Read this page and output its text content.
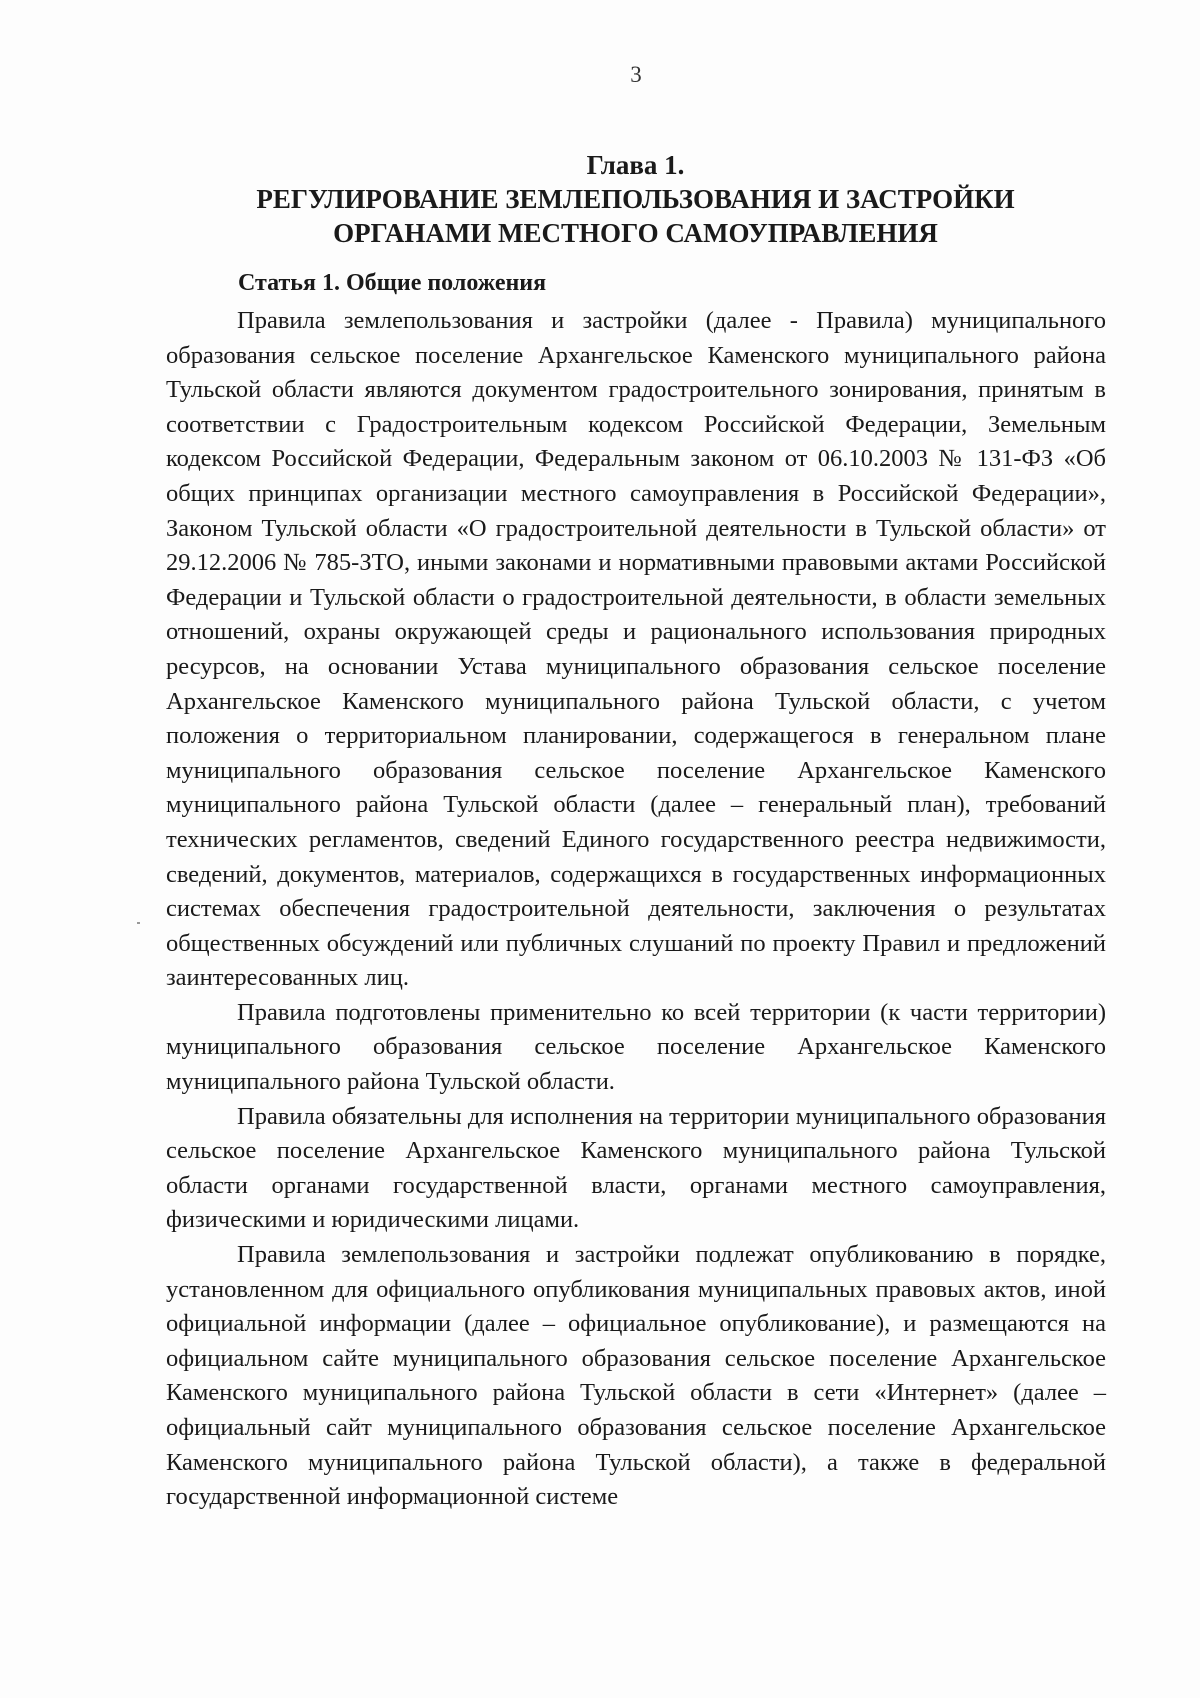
3
Глава 1.
РЕГУЛИРОВАНИЕ ЗЕМЛЕПОЛЬЗОВАНИЯ И ЗАСТРОЙКИ
ОРГАНАМИ МЕСТНОГО САМОУПРАВЛЕНИЯ
Статья 1. Общие положения

Правила землепользования и застройки (далее - Правила) муниципального образования сельское поселение Архангельское Каменского муниципального района Тульской области являются документом градостроительного зонирования, принятым в соответствии с Градостроительным кодексом Российской Федерации, Земельным кодексом Российской Федерации, Федеральным законом от 06.10.2003 № 131-ФЗ «Об общих принципах организации местного самоуправления в Российской Федерации», Законом Тульской области «О градостроительной деятельности в Тульской области» от 29.12.2006 № 785-ЗТО, иными законами и нормативными правовыми актами Российской Федерации и Тульской области о градостроительной деятельности, в области земельных отношений, охраны окружающей среды и рационального использования природных ресурсов, на основании Устава муниципального образования сельское поселение Архангельское Каменского муниципального района Тульской области, с учетом положения о территориальном планировании, содержащегося в генеральном плане муниципального образования сельское поселение Архангельское Каменского муниципального района Тульской области (далее – генеральный план), требований технических регламентов, сведений Единого государственного реестра недвижимости, сведений, документов, материалов, содержащихся в государственных информационных системах обеспечения градостроительной деятельности, заключения о результатах общественных обсуждений или публичных слушаний по проекту Правил и предложений заинтересованных лиц.

Правила подготовлены применительно ко всей территории (к части территории) муниципального образования сельское поселение Архангельское Каменского муниципального района Тульской области.

Правила обязательны для исполнения на территории муниципального образования сельское поселение Архангельское Каменского муниципального района Тульской области органами государственной власти, органами местного самоуправления, физическими и юридическими лицами.

Правила землепользования и застройки подлежат опубликованию в порядке, установленном для официального опубликования муниципальных правовых актов, иной официальной информации (далее – официальное опубликование), и размещаются на официальном сайте муниципального образования сельское поселение Архангельское Каменского муниципального района Тульской области в сети «Интернет» (далее – официальный сайт муниципального образования сельское поселение Архангельское Каменского муниципального района Тульской области), а также в федеральной государственной информационной системе
